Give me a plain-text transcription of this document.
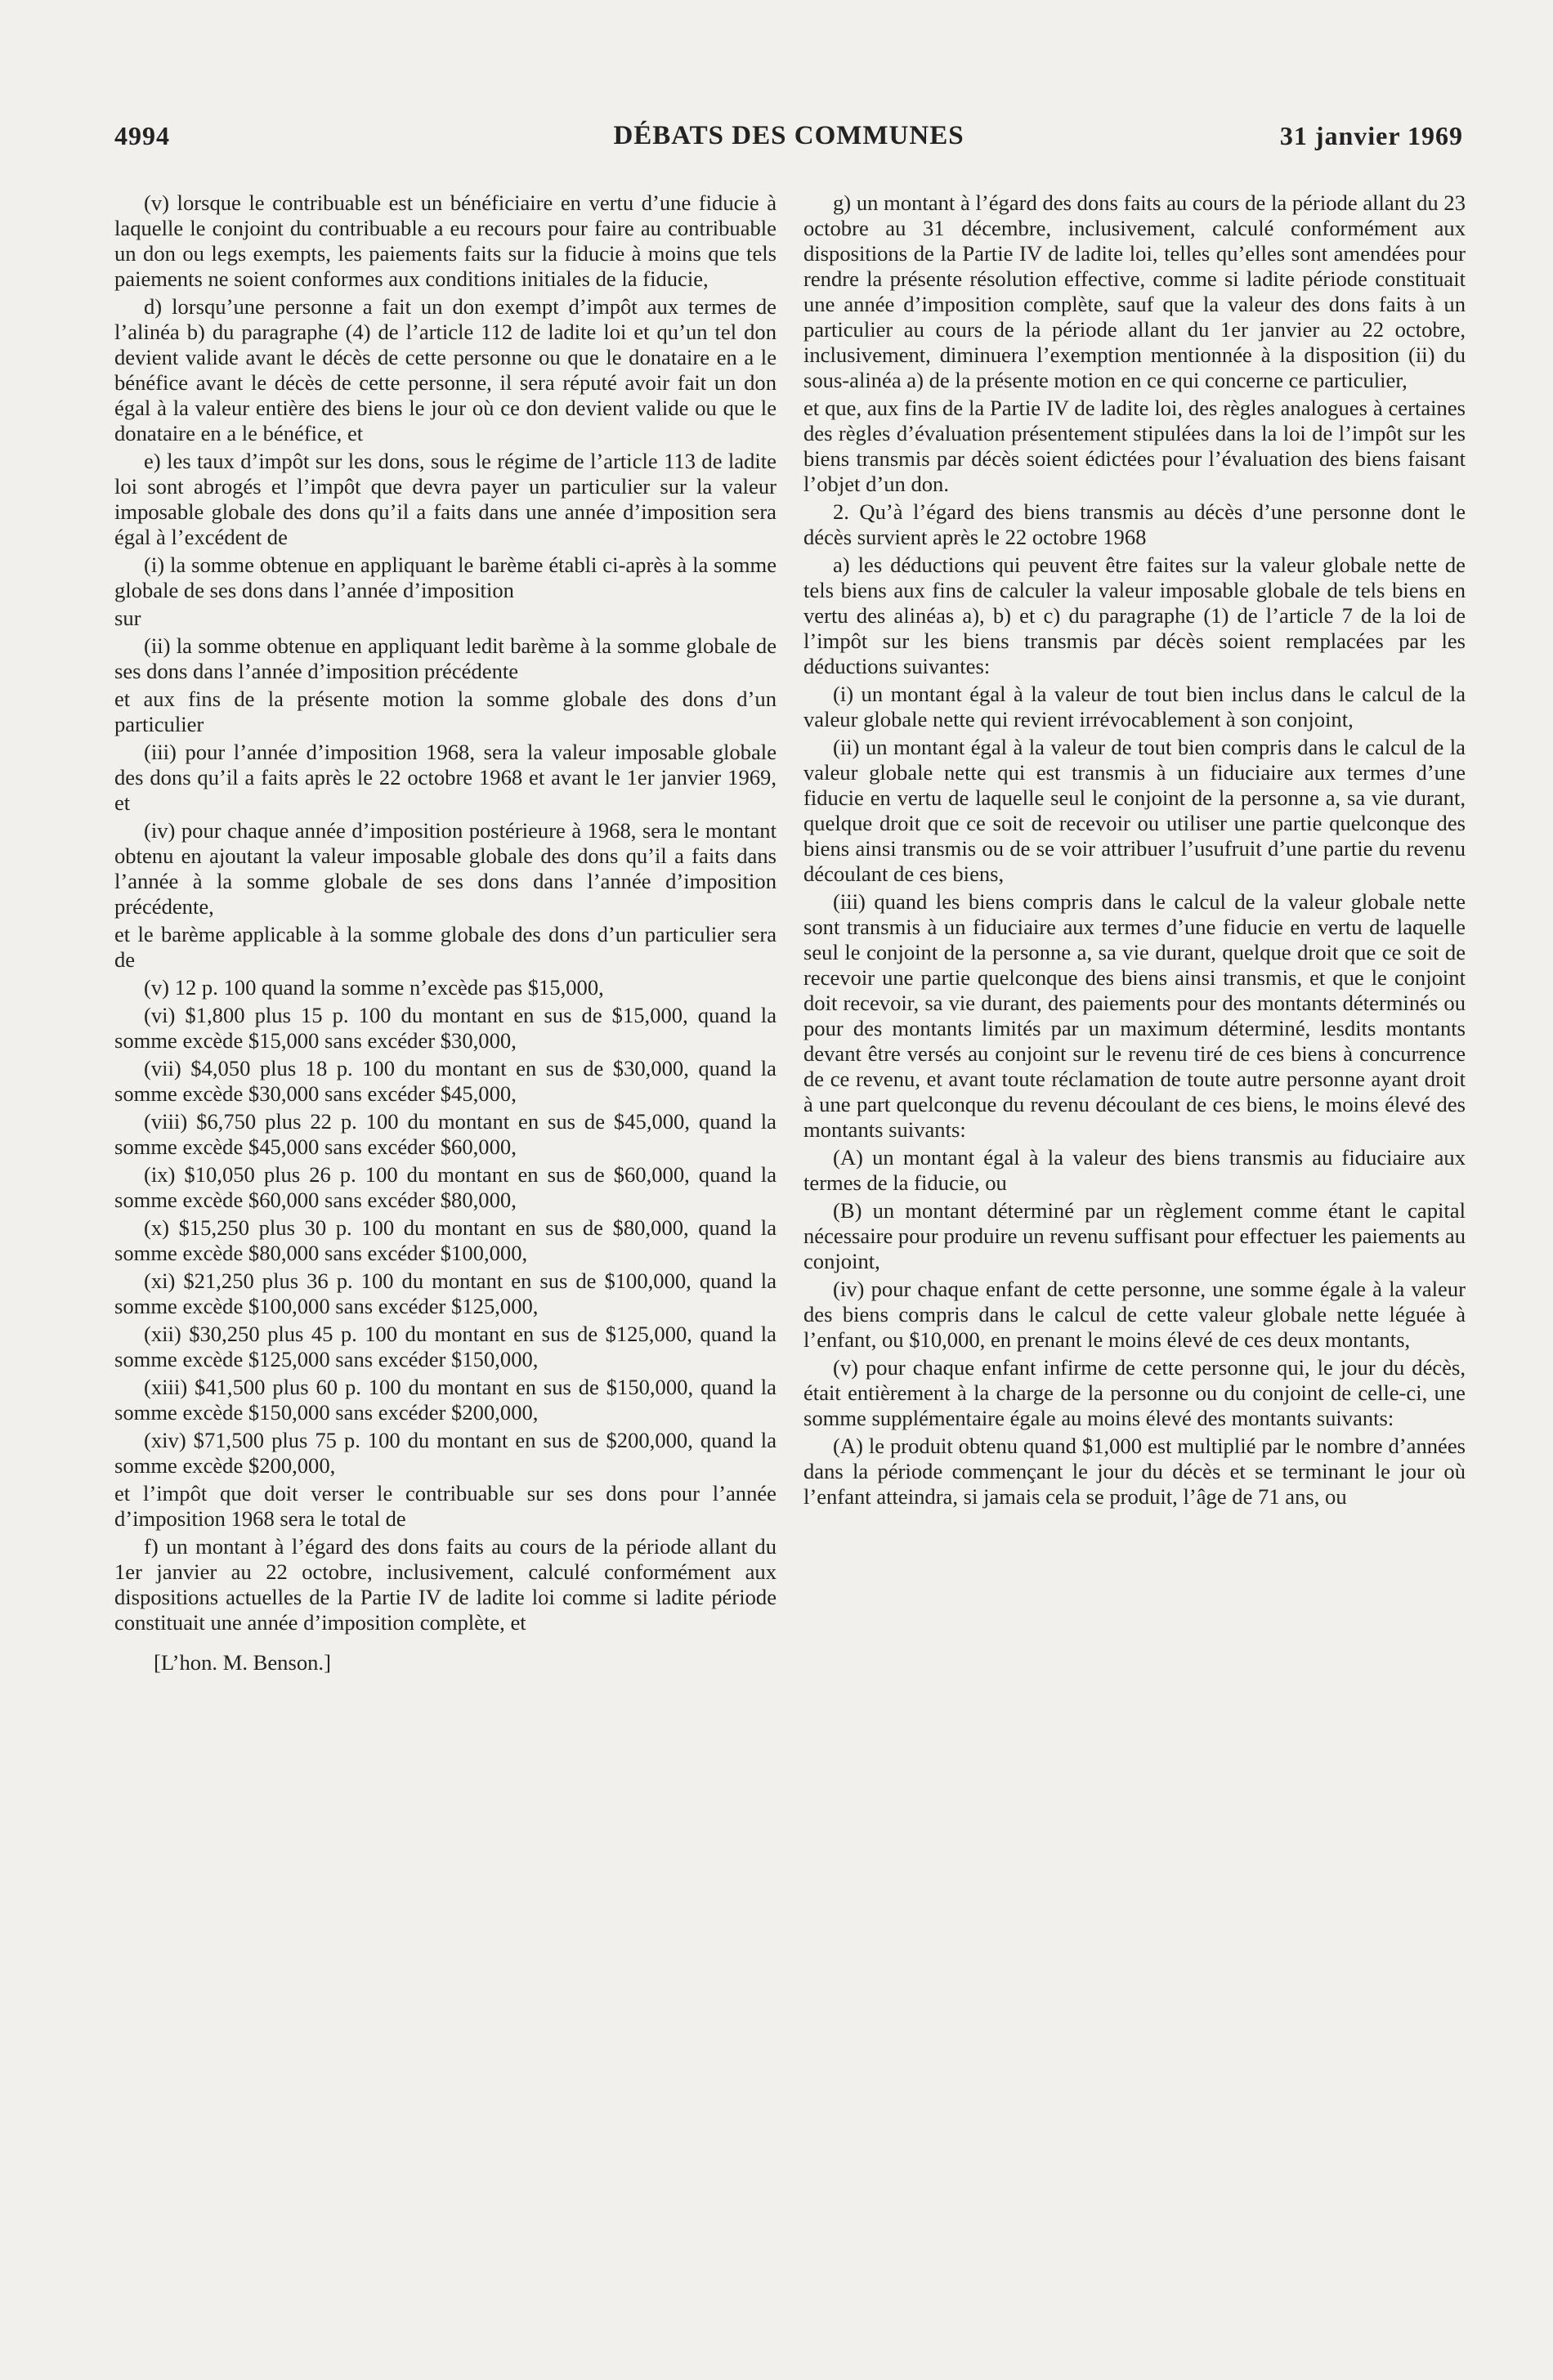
4994	DÉBATS DES COMMUNES	31 janvier 1969

(v) lorsque le contribuable est un bénéficiaire en vertu d’une fiducie à laquelle le conjoint du contribuable a eu recours pour faire au contribuable un don ou legs exempts, les paiements faits sur la fiducie à moins que tels paiements ne soient conformes aux conditions initiales de la fiducie,

d) lorsqu’une personne a fait un don exempt d’impôt aux termes de l’alinéa b) du paragraphe (4) de l’article 112 de ladite loi et qu’un tel don devient valide avant le décès de cette personne ou que le donataire en a le bénéfice avant le décès de cette personne, il sera réputé avoir fait un don égal à la valeur entière des biens le jour où ce don devient valide ou que le donataire en a le bénéfice, et

e) les taux d’impôt sur les dons, sous le régime de l’article 113 de ladite loi sont abrogés et l’impôt que devra payer un particulier sur la valeur imposable globale des dons qu’il a faits dans une année d’imposition sera égal à l’excédent de

(i) la somme obtenue en appliquant le barème établi ci-après à la somme globale de ses dons dans l’année d’imposition

sur

(ii) la somme obtenue en appliquant ledit barème à la somme globale de ses dons dans l’année d’imposition précédente

et aux fins de la présente motion la somme globale des dons d’un particulier

(iii) pour l’année d’imposition 1968, sera la valeur imposable globale des dons qu’il a faits après le 22 octobre 1968 et avant le 1er janvier 1969, et

(iv) pour chaque année d’imposition postérieure à 1968, sera le montant obtenu en ajoutant la valeur imposable globale des dons qu’il a faits dans l’année à la somme globale de ses dons dans l’année d’imposition précédente,

et le barème applicable à la somme globale des dons d’un particulier sera de

(v) 12 p. 100 quand la somme n’excède pas $15,000,

(vi) $1,800 plus 15 p. 100 du montant en sus de $15,000, quand la somme excède $15,000 sans excéder $30,000,

(vii) $4,050 plus 18 p. 100 du montant en sus de $30,000, quand la somme excède $30,000 sans excéder $45,000,

(viii) $6,750 plus 22 p. 100 du montant en sus de $45,000, quand la somme excède $45,000 sans excéder $60,000,

(ix) $10,050 plus 26 p. 100 du montant en sus de $60,000, quand la somme excède $60,000 sans excéder $80,000,

(x) $15,250 plus 30 p. 100 du montant en sus de $80,000, quand la somme excède $80,000 sans excéder $100,000,

(xi) $21,250 plus 36 p. 100 du montant en sus de $100,000, quand la somme excède $100,000 sans excéder $125,000,

(xii) $30,250 plus 45 p. 100 du montant en sus de $125,000, quand la somme excède $125,000 sans excéder $150,000,

(xiii) $41,500 plus 60 p. 100 du montant en sus de $150,000, quand la somme excède $150,000 sans excéder $200,000,

(xiv) $71,500 plus 75 p. 100 du montant en sus de $200,000, quand la somme excède $200,000,

et l’impôt que doit verser le contribuable sur ses dons pour l’année d’imposition 1968 sera le total de

f) un montant à l’égard des dons faits au cours de la période allant du 1er janvier au 22 octobre, inclusivement, calculé conformément aux dispositions actuelles de la Partie IV de ladite loi comme si ladite période constituait une année d’imposition complète, et

[L’hon. M. Benson.]

g) un montant à l’égard des dons faits au cours de la période allant du 23 octobre au 31 décembre, inclusivement, calculé conformément aux dispositions de la Partie IV de ladite loi, telles qu’elles sont amendées pour rendre la présente résolution effective, comme si ladite période constituait une année d’imposition complète, sauf que la valeur des dons faits à un particulier au cours de la période allant du 1er janvier au 22 octobre, inclusivement, diminuera l’exemption mentionnée à la disposition (ii) du sous-alinéa a) de la présente motion en ce qui concerne ce particulier,

et que, aux fins de la Partie IV de ladite loi, des règles analogues à certaines des règles d’évaluation présentement stipulées dans la loi de l’impôt sur les biens transmis par décès soient édictées pour l’évaluation des biens faisant l’objet d’un don.

2. Qu’à l’égard des biens transmis au décès d’une personne dont le décès survient après le 22 octobre 1968

a) les déductions qui peuvent être faites sur la valeur globale nette de tels biens aux fins de calculer la valeur imposable globale de tels biens en vertu des alinéas a), b) et c) du paragraphe (1) de l’article 7 de la loi de l’impôt sur les biens transmis par décès soient remplacées par les déductions suivantes:

(i) un montant égal à la valeur de tout bien inclus dans le calcul de la valeur globale nette qui revient irrévocablement à son conjoint,

(ii) un montant égal à la valeur de tout bien compris dans le calcul de la valeur globale nette qui est transmis à un fiduciaire aux termes d’une fiducie en vertu de laquelle seul le conjoint de la personne a, sa vie durant, quelque droit que ce soit de recevoir ou utiliser une partie quelconque des biens ainsi transmis ou de se voir attribuer l’usufruit d’une partie du revenu découlant de ces biens,

(iii) quand les biens compris dans le calcul de la valeur globale nette sont transmis à un fiduciaire aux termes d’une fiducie en vertu de laquelle seul le conjoint de la personne a, sa vie durant, quelque droit que ce soit de recevoir une partie quelconque des biens ainsi transmis, et que le conjoint doit recevoir, sa vie durant, des paiements pour des montants déterminés ou pour des montants limités par un maximum déterminé, lesdits montants devant être versés au conjoint sur le revenu tiré de ces biens à concurrence de ce revenu, et avant toute réclamation de toute autre personne ayant droit à une part quelconque du revenu découlant de ces biens, le moins élevé des montants suivants:

(A) un montant égal à la valeur des biens transmis au fiduciaire aux termes de la fiducie, ou

(B) un montant déterminé par un règlement comme étant le capital nécessaire pour produire un revenu suffisant pour effectuer les paiements au conjoint,

(iv) pour chaque enfant de cette personne, une somme égale à la valeur des biens compris dans le calcul de cette valeur globale nette léguée à l’enfant, ou $10,000, en prenant le moins élevé de ces deux montants,

(v) pour chaque enfant infirme de cette personne qui, le jour du décès, était entièrement à la charge de la personne ou du conjoint de celle-ci, une somme supplémentaire égale au moins élevé des montants suivants:

(A) le produit obtenu quand $1,000 est multiplié par le nombre d’années dans la période commençant le jour du décès et se terminant le jour où l’enfant atteindra, si jamais cela se produit, l’âge de 71 ans, ou
